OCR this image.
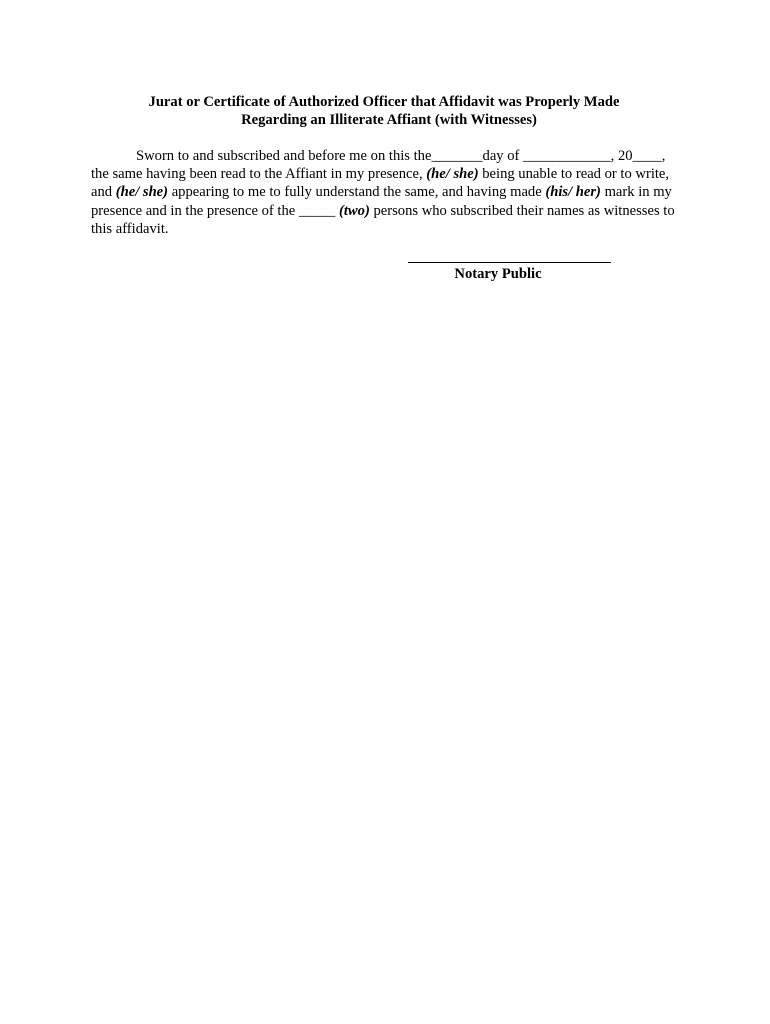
Jurat or Certificate of Authorized Officer that Affidavit was Properly Made
Regarding an Illiterate Affiant (with Witnesses)
Sworn to and subscribed and before me on this the_______day of ____________, 20____, the same having been read to the Affiant in my presence, (he/ she) being unable to read or to write, and (he/ she) appearing to me to fully understand the same, and having made (his/ her) mark in my presence and in the presence of the _____ (two) persons who subscribed their names as witnesses to this affidavit.
Notary Public
